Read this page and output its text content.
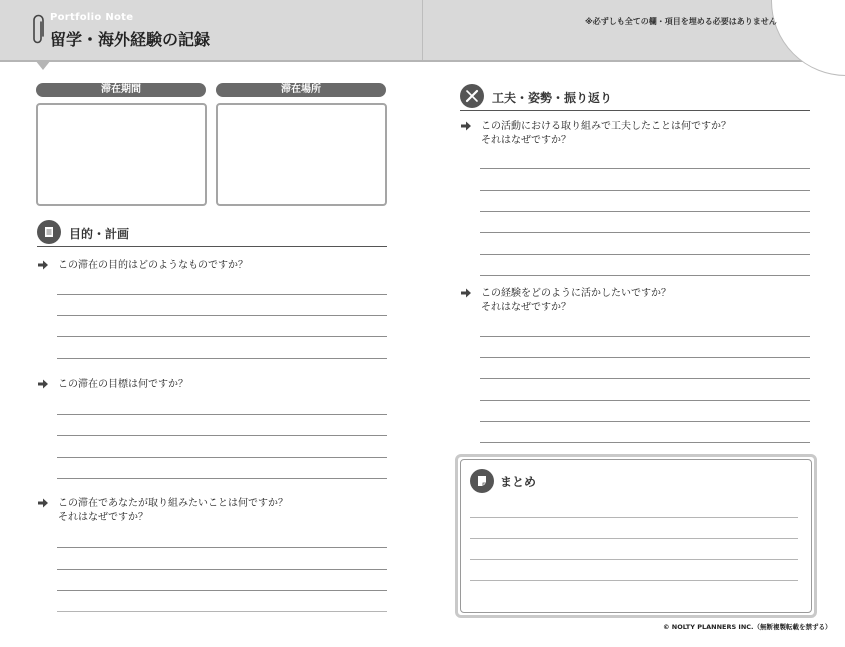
Portfolio Note
留学・海外経験の記録
※必ずしも全ての欄・項目を埋める必要はありません
滞在期間	滞在場所
目的・計画
この滞在の目的はどのようなものですか？
この滞在の目標は何ですか？
この滞在であなたが取り組みたいことは何ですか？
それはなぜですか？
工夫・姿勢・振り返り
この活動における取り組みで工夫したことは何ですか？
それはなぜですか？
この経験をどのように活かしたいですか？
それはなぜですか？
まとめ
© NOLTY PLANNERS INC.（無断複製転載を禁ずる）
